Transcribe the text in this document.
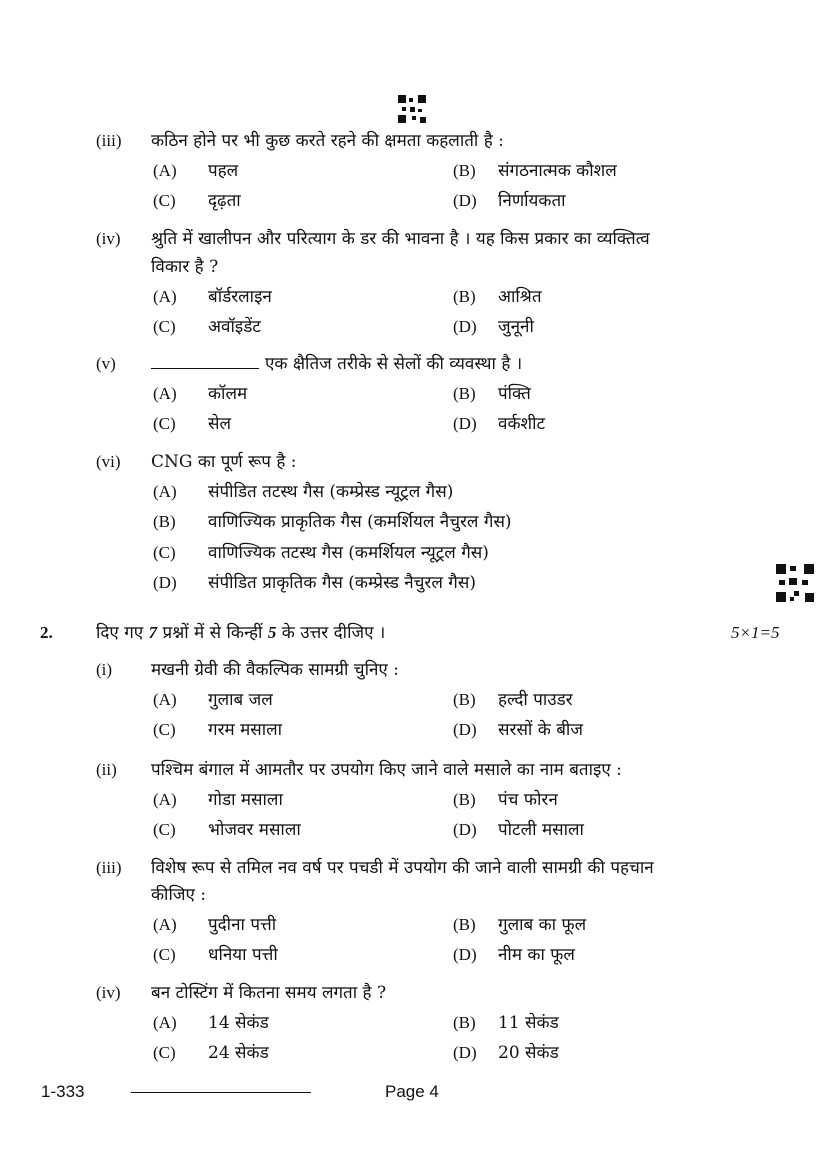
(iii) कठिन होने पर भी कुछ करते रहने की क्षमता कहलाती है :
(A) पहल	(B) संगठनात्मक कौशल
(C) दृढ़ता	(D) निर्णायकता
(iv) श्रुति में खालीपन और परित्याग के डर की भावना है । यह किस प्रकार का व्यक्तित्व
विकार है ?
(A) बॉर्डरलाइन	(B) आश्रित
(C) अवॉइडेंट	(D) जुनूनी
(v)	एक क्षैतिज तरीके से सेलों की व्यवस्था है ।
(A) कॉलम	(B) पंक्ति
(C) सेल	(D) वर्कशीट
(vi) CNG का पूर्ण रूप है :
(A) संपीडित तटस्थ गैस (कम्प्रेस्ड न्यूट्रल गैस)
(B) वाणिज्यिक प्राकृतिक गैस (कमर्शियल नैचुरल गैस)
(C) वाणिज्यिक तटस्थ गैस (कमर्शियल न्यूट्रल गैस)
(D) संपीडित प्राकृतिक गैस (कम्प्रेस्ड नैचुरल गैस)
2.	दिए गए 7 प्रश्नों में से किन्हीं 5 के उत्तर दीजिए ।	5×1=5
(i) मखनी ग्रेवी की वैकल्पिक सामग्री चुनिए :
(A) गुलाब जल	(B) हल्दी पाउडर
(C) गरम मसाला	(D) सरसों के बीज
(ii) पश्चिम बंगाल में आमतौर पर उपयोग किए जाने वाले मसाले का नाम बताइए :
(A) गोडा मसाला	(B) पंच फोरन
(C) भोजवर मसाला	(D) पोटली मसाला
(iii) विशेष रूप से तमिल नव वर्ष पर पचडी में उपयोग की जाने वाली सामग्री की पहचान
कीजिए :
(A) पुदीना पत्ती	(B) गुलाब का फूल
(C) धनिया पत्ती	(D) नीम का फूल
(iv) बन टोस्टिंग में कितना समय लगता है ?
(A) 14 सेकंड	(B) 11 सेकंड
(C) 24 सेकंड	(D) 20 सेकंड
1-333	Page 4
